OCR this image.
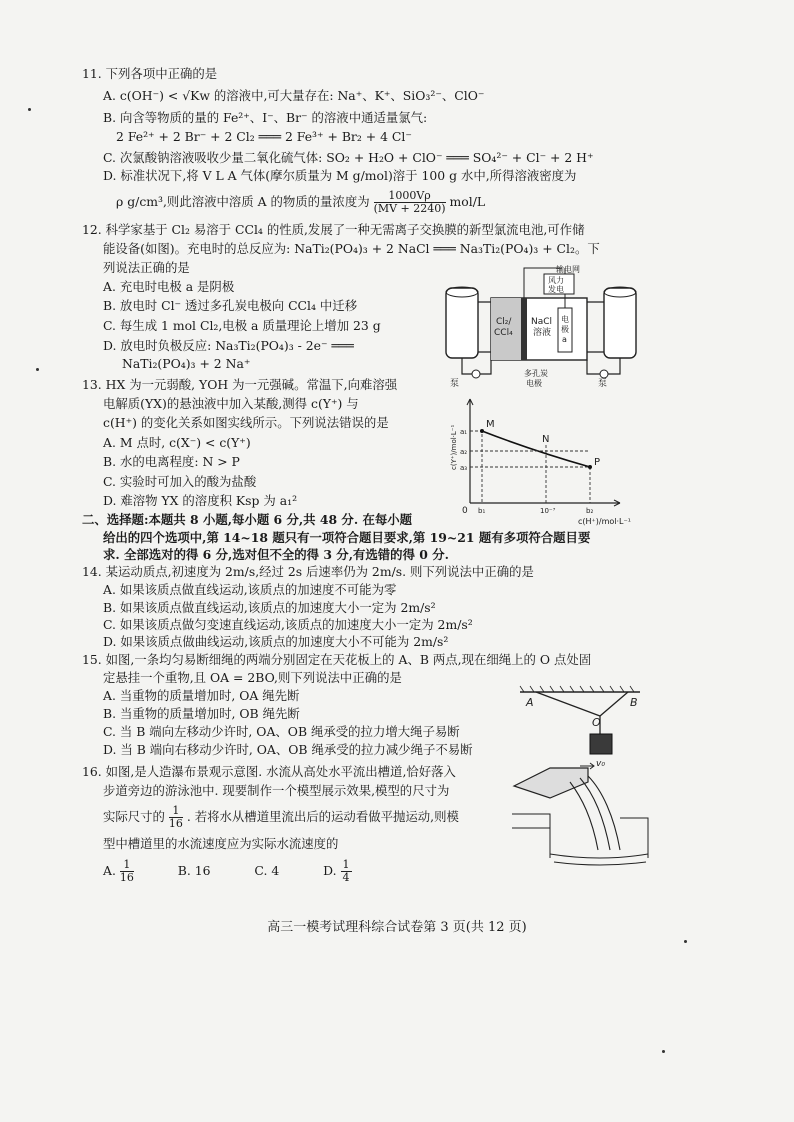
11. 下列各项中正确的是
A. c(OH⁻) < √Kw 的溶液中,可大量存在: Na⁺、K⁺、SiO₃²⁻、ClO⁻
B. 向含等物质的量的 Fe²⁺、I⁻、Br⁻ 的溶液中通适量氯气:
2 Fe²⁺ + 2 Br⁻ + 2 Cl₂ ═══ 2 Fe³⁺ + Br₂ + 4 Cl⁻
C. 次氯酸钠溶液吸收少量二氧化硫气体: SO₂ + H₂O + ClO⁻ ═══ SO₄²⁻ + Cl⁻ + 2 H⁺
D. 标准状况下,将 V L A 气体(摩尔质量为 M g/mol)溶于 100 g 水中,所得溶液密度为
ρ g/cm³,则此溶液中溶质 A 的物质的量浓度为 $\frac{1000V\rho}{(MV + 2240)} mol/L$
12. 科学家基于 Cl₂ 易溶于 CCl₄ 的性质,发展了一种无需离子交换膜的新型氯流电池,可作储
能设备(如图)。充电时的总反应为: NaTi₂(PO₄)₃ + 2 NaCl ═══ Na₃Ti₂(PO₄)₃ + Cl₂。下
列说法正确的是
A. 充电时电极 a 是阴极
B. 放电时 Cl⁻ 透过多孔炭电极向 CCl₄ 中迁移
C. 每生成 1 mol Cl₂,电极 a 质量理论上增加 23 g
D. 放电时负极反应: Na₃Ti₂(PO₄)₃ - 2e⁻ ═══
NaTi₂(PO₄)₃ + 2 Na⁺
输电网
风力
发电
Cl₂/
CCl₄
NaCl
溶液
电
极
a
泵	泵
多孔炭
电极
13. HX 为一元弱酸, YOH 为一元强碱。常温下,向难溶强
电解质(YX)的悬浊液中加入某酸,测得 c(Y⁺) 与
c(H⁺) 的变化关系如图实线所示。下列说法错误的是
A. M 点时, c(X⁻) < c(Y⁺)
B. 水的电离程度: N > P
C. 实验时可加入的酸为盐酸
D. 难溶物 YX 的溶度积 Ksp 为 a₁²
M
N
P
a₁
a₂
a₃
0 b₁	10⁻⁷	b₂
c(Y⁺)/mol·L⁻¹
c(H⁺)/mol·L⁻¹
二、选择题:本题共 8 小题,每小题 6 分,共 48 分. 在每小题
给出的四个选项中,第 14~18 题只有一项符合题目要求,第 19~21 题有多项符合题目要
求. 全部选对的得 6 分,选对但不全的得 3 分,有选错的得 0 分.
14. 某运动质点,初速度为 2m/s,经过 2s 后速率仍为 2m/s. 则下列说法中正确的是
A. 如果该质点做直线运动,该质点的加速度不可能为零
B. 如果该质点做直线运动,该质点的加速度大小一定为 2m/s²
C. 如果该质点做匀变速直线运动,该质点的加速度大小一定为 2m/s²
D. 如果该质点做曲线运动,该质点的加速度大小不可能为 2m/s²
15. 如图,一条均匀易断细绳的两端分别固定在天花板上的 A、B 两点,现在细绳上的 O 点处固
定悬挂一个重物,且 OA = 2BO,则下列说法中正确的是
A. 当重物的质量增加时, OA 绳先断
B. 当重物的质量增加时, OB 绳先断
C. 当 B 端向左移动少许时, OA、OB 绳承受的拉力增大绳子易断
D. 当 B 端向右移动少许时, OA、OB 绳承受的拉力减少绳子不易断
A	B
O
16. 如图,是人造瀑布景观示意图. 水流从高处水平流出槽道,恰好落入
步道旁边的游泳池中. 现要制作一个模型展示效果,模型的尺寸为
实际尺寸的 $\frac{1}{16}$ . 若将水从槽道里流出后的运动看做平抛运动,则模
型中槽道里的水流速度应为实际水流速度的
A. $\frac{1}{16}$	B. 16	C. 4	D. $\frac{1}{4}$
v₀
高三一模考试理科综合试卷第 3 页(共 12 页)
